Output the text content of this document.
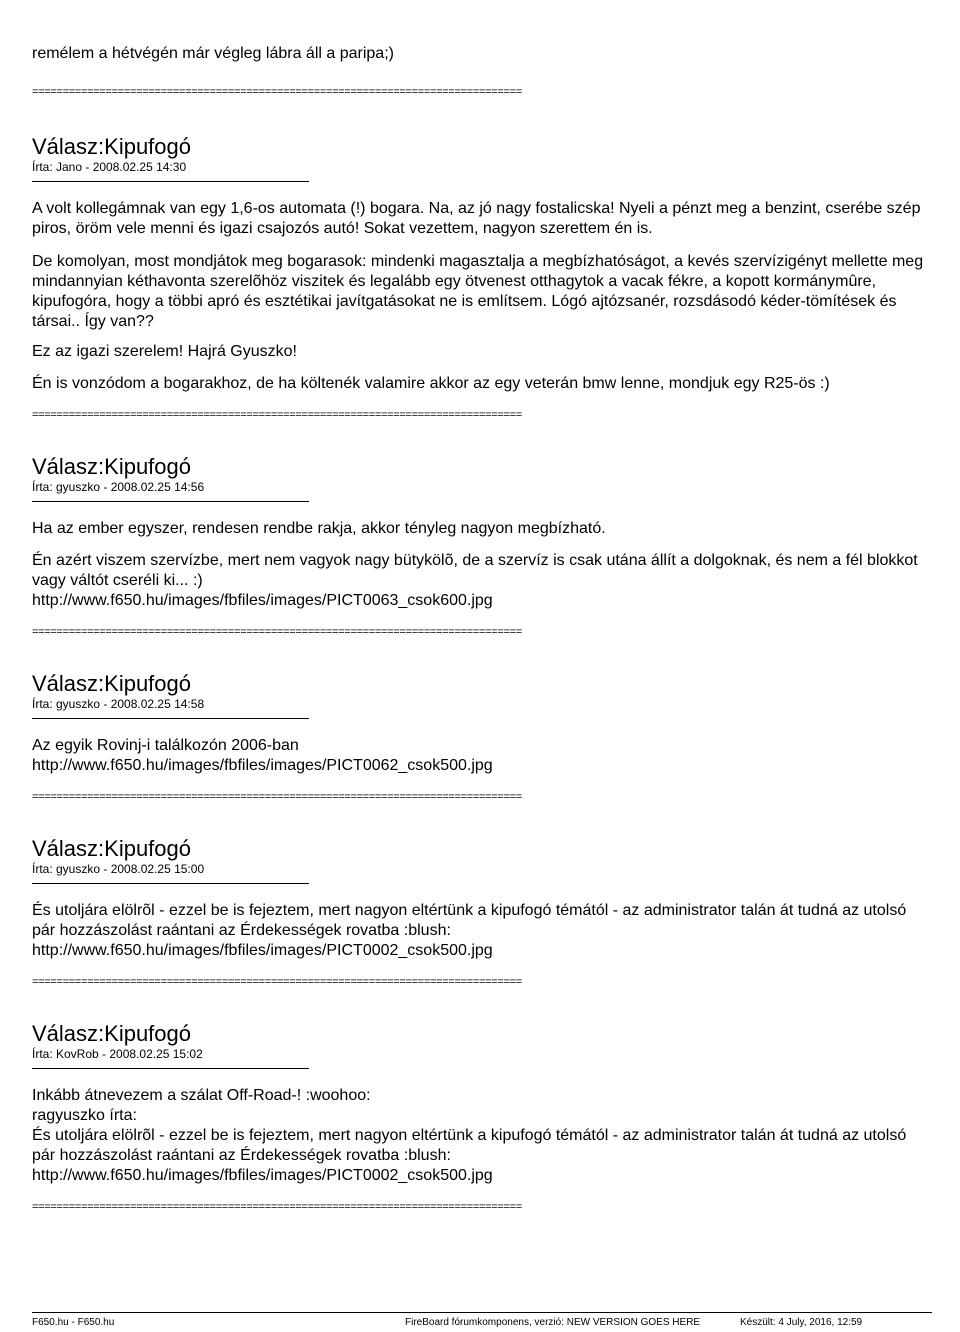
remélem a hétvégén már végleg lábra áll a paripa;)
================================================================================
Válasz:Kipufogó
Írta: Jano - 2008.02.25 14:30

A volt kollegámnak van egy 1,6-os automata (!) bogara. Na, az jó nagy fostalicska! Nyeli a pénzt meg a benzint, cserébe szép piros, öröm vele menni és igazi csajozós autó! Sokat vezettem, nagyon szerettem én is.

De komolyan, most mondjátok meg bogarasok: mindenki magasztalja a megbízhatóságot, a kevés szervízigényt mellette meg mindannyian kéthavonta szerelõhöz viszitek és legalább egy ötvenest otthagytok a vacak fékre, a kopott kormánymûre, kipufogóra, hogy a többi apró és esztétikai javítgatásokat ne is említsem. Lógó ajtózsanér, rozsdásodó kéder-tömítések és társai.. Így van??

Ez az igazi szerelem! Hajrá Gyuszko!

Én is vonzódom a bogarakhoz, de ha költenék valamire akkor az egy veterán bmw lenne, mondjuk egy R25-ös :)

================================================================================
Válasz:Kipufogó
Írta: gyuszko - 2008.02.25 14:56

Ha az ember egyszer, rendesen rendbe rakja, akkor tényleg nagyon megbízható.

Én azért viszem szervízbe, mert nem vagyok nagy bütykölõ, de a szervíz is csak utána állít a dolgoknak, és nem a fél blokkot vagy váltót cseréli ki... :)
http://www.f650.hu/images/fbfiles/images/PICT0063_csok600.jpg

================================================================================
Válasz:Kipufogó
Írta: gyuszko - 2008.02.25 14:58

Az egyik Rovinj-i találkozón 2006-ban
http://www.f650.hu/images/fbfiles/images/PICT0062_csok500.jpg

================================================================================
Válasz:Kipufogó
Írta: gyuszko - 2008.02.25 15:00

És utoljára elölrõl - ezzel be is fejeztem, mert nagyon eltértünk a kipufogó témától - az administrator talán át tudná az utolsó pár hozzászolást raántani az Érdekességek rovatba :blush:
http://www.f650.hu/images/fbfiles/images/PICT0002_csok500.jpg

================================================================================
Válasz:Kipufogó
Írta: KovRob - 2008.02.25 15:02

Inkább átnevezem a szálat Off-Road-! :woohoo:
ragyuszko írta:
És utoljára elölrõl - ezzel be is fejeztem, mert nagyon eltértünk a kipufogó témától - az administrator talán át tudná az utolsó pár hozzászolást raántani az Érdekességek rovatba :blush:
http://www.f650.hu/images/fbfiles/images/PICT0002_csok500.jpg

================================================================================
F650.hu - F650.hu	FireBoard fórumkomponens, verzió: NEW VERSION GOES HERE	Készült: 4 July, 2016, 12:59
